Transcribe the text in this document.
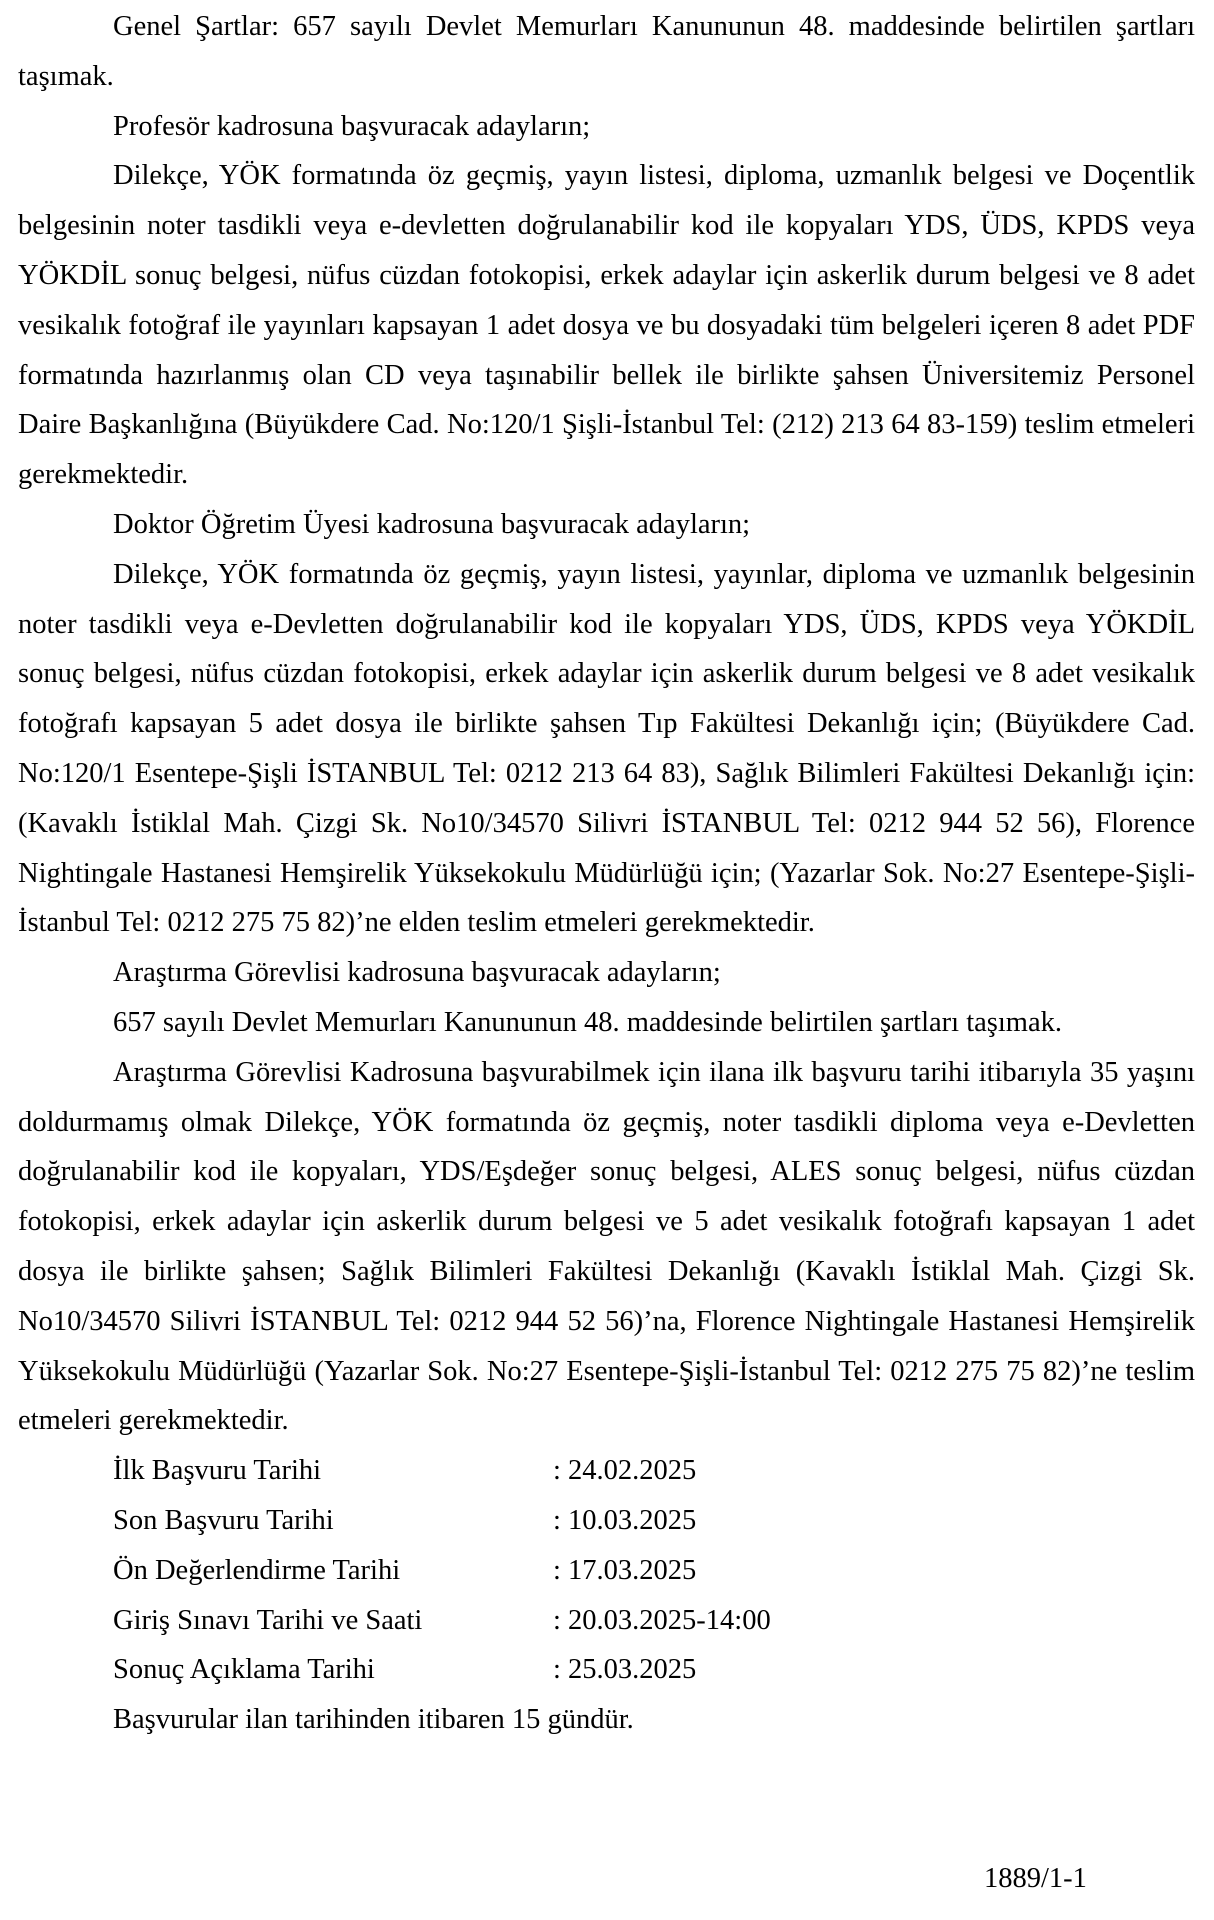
Genel Şartlar: 657 sayılı Devlet Memurları Kanununun 48. maddesinde belirtilen şartları taşımak.

Profesör kadrosuna başvuracak adayların;

Dilekçe, YÖK formatında öz geçmiş, yayın listesi, diploma, uzmanlık belgesi ve Doçentlik belgesinin noter tasdikli veya e-devletten doğrulanabilir kod ile kopyaları YDS, ÜDS, KPDS veya YÖKDİL sonuç belgesi, nüfus cüzdan fotokopisi, erkek adaylar için askerlik durum belgesi ve 8 adet vesikalık fotoğraf ile yayınları kapsayan 1 adet dosya ve bu dosyadaki tüm belgeleri içeren 8 adet PDF formatında hazırlanmış olan CD veya taşınabilir bellek ile birlikte şahsen Üniversitemiz Personel Daire Başkanlığına (Büyükdere Cad. No:120/1 Şişli-İstanbul Tel: (212) 213 64 83-159) teslim etmeleri gerekmektedir.

Doktor Öğretim Üyesi kadrosuna başvuracak adayların;

Dilekçe, YÖK formatında öz geçmiş, yayın listesi, yayınlar, diploma ve uzmanlık belgesinin noter tasdikli veya e-Devletten doğrulanabilir kod ile kopyaları YDS, ÜDS, KPDS veya YÖKDİL sonuç belgesi, nüfus cüzdan fotokopisi, erkek adaylar için askerlik durum belgesi ve 8 adet vesikalık fotoğrafı kapsayan 5 adet dosya ile birlikte şahsen Tıp Fakültesi Dekanlığı için; (Büyükdere Cad. No:120/1 Esentepe-Şişli İSTANBUL Tel: 0212 213 64 83), Sağlık Bilimleri Fakültesi Dekanlığı için: (Kavaklı İstiklal Mah. Çizgi Sk. No10/34570 Silivri İSTANBUL Tel: 0212 944 52 56), Florence Nightingale Hastanesi Hemşirelik Yüksekokulu Müdürlüğü için; (Yazarlar Sok. No:27 Esentepe-Şişli-İstanbul Tel: 0212 275 75 82)’ne elden teslim etmeleri gerekmektedir.

Araştırma Görevlisi kadrosuna başvuracak adayların;

657 sayılı Devlet Memurları Kanununun 48. maddesinde belirtilen şartları taşımak.

Araştırma Görevlisi Kadrosuna başvurabilmek için ilana ilk başvuru tarihi itibarıyla 35 yaşını doldurmamış olmak Dilekçe, YÖK formatında öz geçmiş, noter tasdikli diploma veya e-Devletten doğrulanabilir kod ile kopyaları, YDS/Eşdeğer sonuç belgesi, ALES sonuç belgesi, nüfus cüzdan fotokopisi, erkek adaylar için askerlik durum belgesi ve 5 adet vesikalık fotoğrafı kapsayan 1 adet dosya ile birlikte şahsen; Sağlık Bilimleri Fakültesi Dekanlığı (Kavaklı İstiklal Mah. Çizgi Sk. No10/34570 Silivri İSTANBUL Tel: 0212 944 52 56)’na, Florence Nightingale Hastanesi Hemşirelik Yüksekokulu Müdürlüğü (Yazarlar Sok. No:27 Esentepe-Şişli-İstanbul Tel: 0212 275 75 82)’ne teslim etmeleri gerekmektedir.

İlk Başvuru Tarihi	: 24.02.2025
Son Başvuru Tarihi	: 10.03.2025
Ön Değerlendirme Tarihi	: 17.03.2025
Giriş Sınavı Tarihi ve Saati	: 20.03.2025-14:00
Sonuç Açıklama Tarihi	: 25.03.2025

Başvurular ilan tarihinden itibaren 15 gündür.

1889/1-1
